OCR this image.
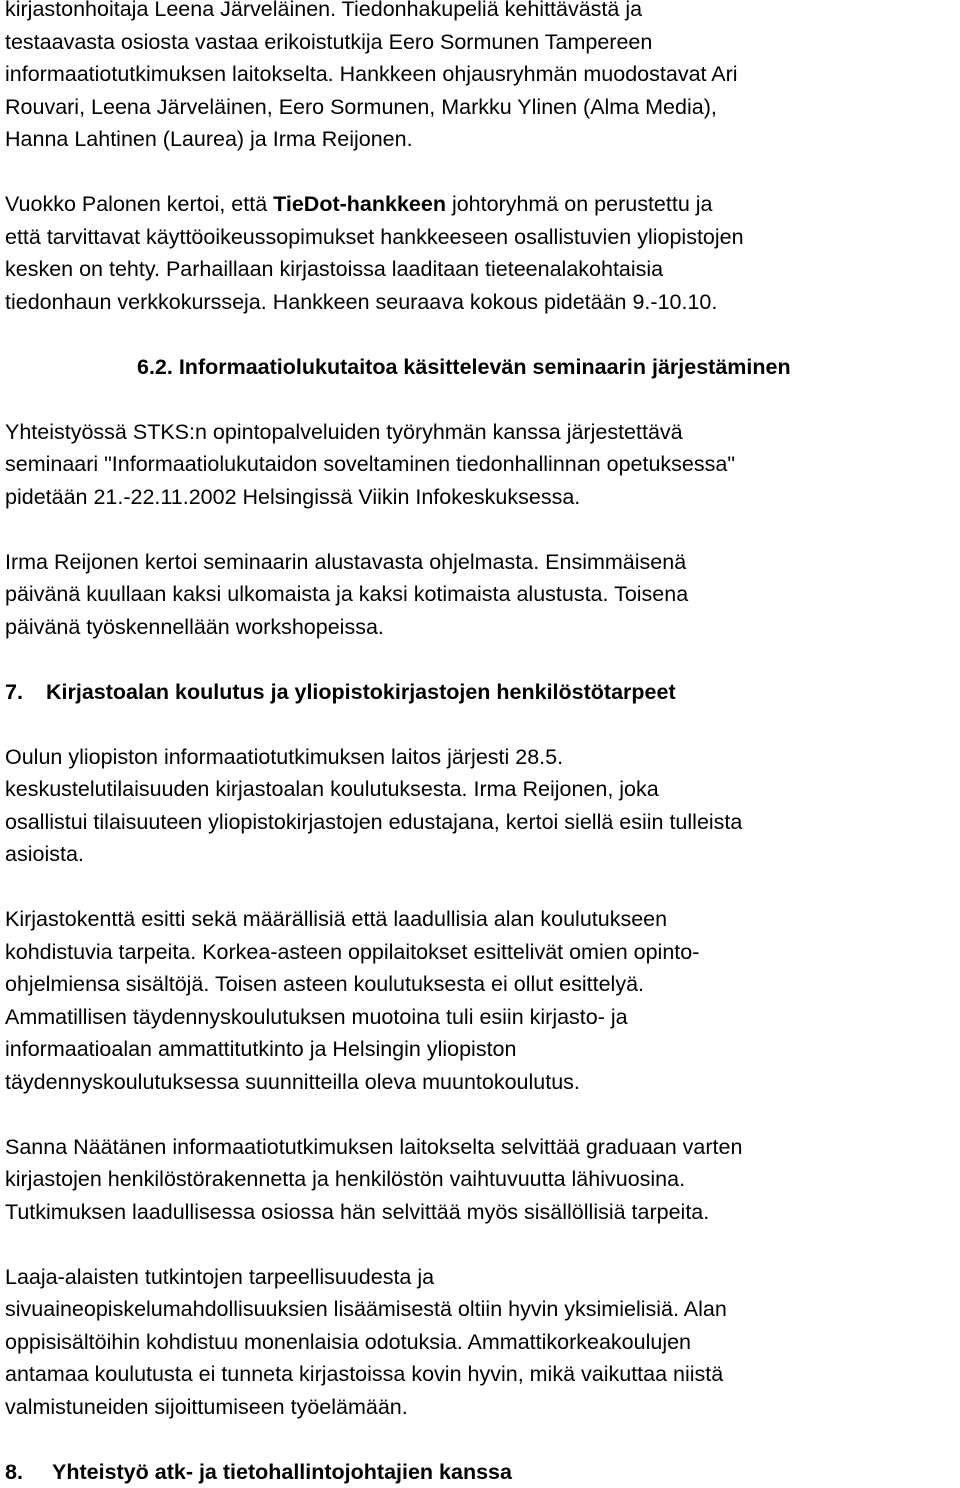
kirjastonhoitaja Leena Järveläinen. Tiedonhakupeliä kehittävästä ja
testaavasta osiosta vastaa erikoistutkija Eero Sormunen Tampereen
informaatiotutkimuksen laitokselta. Hankkeen ohjausryhmän muodostavat Ari
Rouvari, Leena Järveläinen, Eero Sormunen, Markku Ylinen (Alma Media),
Hanna Lahtinen (Laurea) ja Irma Reijonen.
Vuokko Palonen kertoi, että TieDot-hankkeen johtoryhmä on perustettu ja
että tarvittavat käyttöoikeussopimukset hankkeeseen osallistuvien yliopistojen
kesken on tehty. Parhaillaan kirjastoissa laaditaan tieteenalakohtaisia
tiedonhaun verkkokursseja. Hankkeen seuraava kokous pidetään 9.-10.10.
6.2. Informaatiolukutaitoa käsittelevän seminaarin järjestäminen
Yhteistyössä STKS:n opintopalveluiden työryhmän kanssa järjestettävä
seminaari "Informaatiolukutaidon soveltaminen tiedonhallinnan opetuksessa"
pidetään 21.-22.11.2002 Helsingissä Viikin Infokeskuksessa.
Irma Reijonen kertoi seminaarin alustavasta ohjelmasta. Ensimmäisenä
päivänä kuullaan kaksi ulkomaista ja kaksi kotimaista alustusta. Toisena
päivänä työskennellään workshopeissa.
7. Kirjastoalan koulutus ja yliopistokirjastojen henkilöstötarpeet
Oulun yliopiston informaatiotutkimuksen laitos järjesti 28.5.
keskustelutilaisuuden kirjastoalan koulutuksesta. Irma Reijonen, joka
osallistui tilaisuuteen yliopistokirjastojen edustajana, kertoi siellä esiin tulleista
asioista.
Kirjastokenttä esitti sekä määrällisiä että laadullisia alan koulutukseen
kohdistuvia tarpeita. Korkea-asteen oppilaitokset esittelivät omien opinto-
ohjelmiensa sisältöjä. Toisen asteen koulutuksesta ei ollut esittelyä.
Ammatillisen täydennyskoulutuksen muotoina tuli esiin kirjasto- ja
informaatioalan ammattitutkinto ja Helsingin yliopiston
täydennyskoulutuksessa suunnitteilla oleva muuntokoulutus.
Sanna Näätänen informaatiotutkimuksen laitokselta selvittää graduaan varten
kirjastojen henkilöstörakennetta ja henkilöstön vaihtuvuutta lähivuosina.
Tutkimuksen laadullisessa osiossa hän selvittää myös sisällöllisiä tarpeita.
Laaja-alaisten tutkintojen tarpeellisuudesta ja
sivuaineopiskelumahdollisuuksien lisäämisestä oltiin hyvin yksimielisiä. Alan
oppisisältöihin kohdistuu monenlaisia odotuksia. Ammattikorkeakoulujen
antamaa koulutusta ei tunneta kirjastoissa kovin hyvin, mikä vaikuttaa niistä
valmistuneiden sijoittumiseen työelämään.
8. Yhteistyö atk- ja tietohallintojohtajien kanssa
